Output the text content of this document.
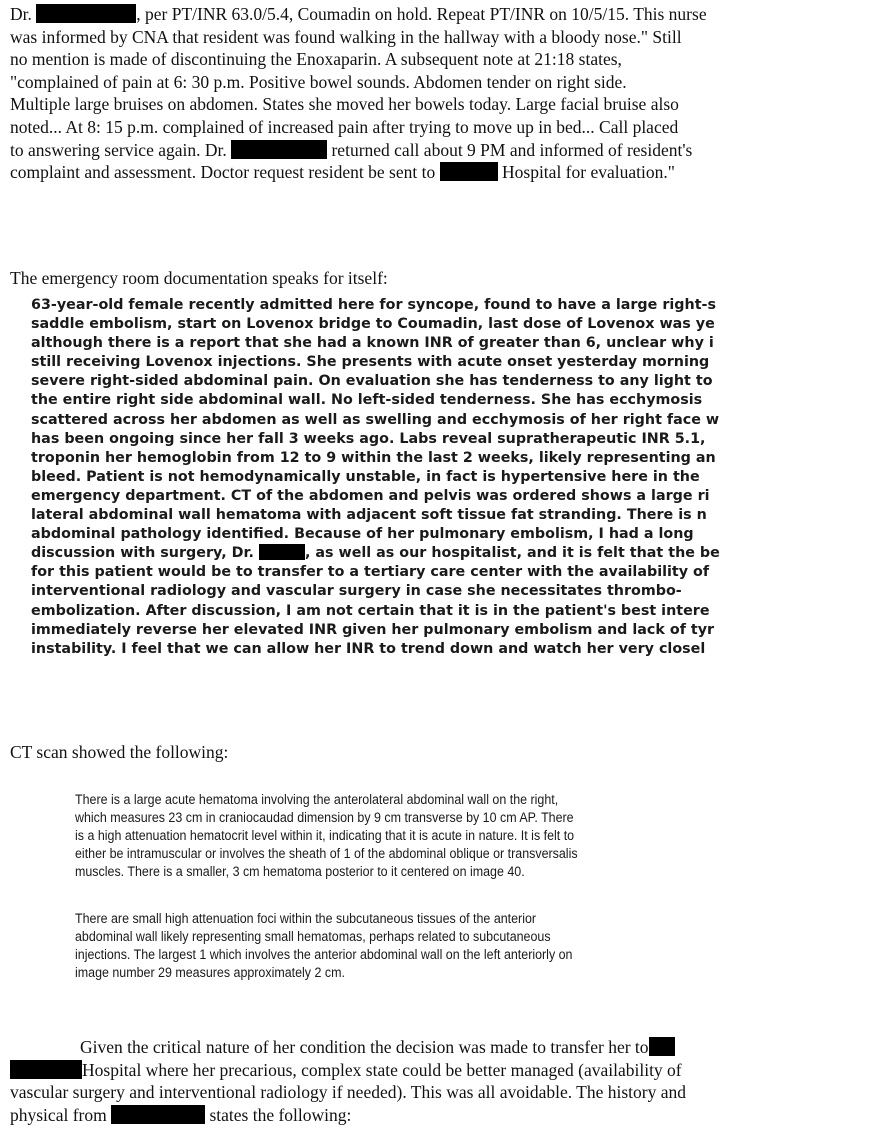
Dr.	, per PT/INR 63.0/5.4, Coumadin on hold. Repeat PT/INR on 10/5/15. This nurse
was informed by CNA that resident was found walking in the hallway with a bloody nose." Still
no mention is made of discontinuing the Enoxaparin. A subsequent note at 21:18 states,
"complained of pain at 6: 30 p.m. Positive bowel sounds. Abdomen tender on right side.
Multiple large bruises on abdomen. States she moved her bowels today. Large facial bruise also
noted... At 8: 15 p.m. complained of increased pain after trying to move up in bed... Call placed
to answering service again. Dr.	returned call about 9 PM and informed of resident's
complaint and assessment. Doctor request resident be sent to	Hospital for evaluation."
The emergency room documentation speaks for itself:
63-year-old female recently admitted here for syncope, found to have a large right-s
saddle embolism, start on Lovenox bridge to Coumadin, last dose of Lovenox was ye
although there is a report that she had a known INR of greater than 6, unclear why i
still receiving Lovenox injections. She presents with acute onset yesterday morning
severe right-sided abdominal pain. On evaluation she has tenderness to any light to
the entire right side abdominal wall. No left-sided tenderness. She has ecchymosis
scattered across her abdomen as well as swelling and ecchymosis of her right face w
has been ongoing since her fall 3 weeks ago. Labs reveal supratherapeutic INR 5.1,
troponin her hemoglobin from 12 to 9 within the last 2 weeks, likely representing an
bleed. Patient is not hemodynamically unstable, in fact is hypertensive here in the
emergency department. CT of the abdomen and pelvis was ordered shows a large ri
lateral abdominal wall hematoma with adjacent soft tissue fat stranding. There is n
abdominal pathology identified. Because of her pulmonary embolism, I had a long
discussion with surgery, Dr.	, as well as our hospitalist, and it is felt that the be
for this patient would be to transfer to a tertiary care center with the availability of
interventional radiology and vascular surgery in case she necessitates thrombo-
embolization. After discussion, I am not certain that it is in the patient's best intere
immediately reverse her elevated INR given her pulmonary embolism and lack of tyr
instability. I feel that we can allow her INR to trend down and watch her very closel
CT scan showed the following:
There is a large acute hematoma involving the anterolateral abdominal wall on the right,
which measures 23 cm in craniocaudad dimension by 9 cm transverse by 10 cm AP. There
is a high attenuation hematocrit level within it, indicating that it is acute in nature. It is felt to
either be intramuscular or involves the sheath of 1 of the abdominal oblique or transversalis
muscles. There is a smaller, 3 cm hematoma posterior to it centered on image 40.
There are small high attenuation foci within the subcutaneous tissues of the anterior
abdominal wall likely representing small hematomas, perhaps related to subcutaneous
injections. The largest 1 which involves the anterior abdominal wall on the left anteriorly on
image number 29 measures approximately 2 cm.
Given the critical nature of her condition the decision was made to transfer her to
Hospital where her precarious, complex state could be better managed (availability of
vascular surgery and interventional radiology if needed). This was all avoidable. The history and
physical from	states the following:
